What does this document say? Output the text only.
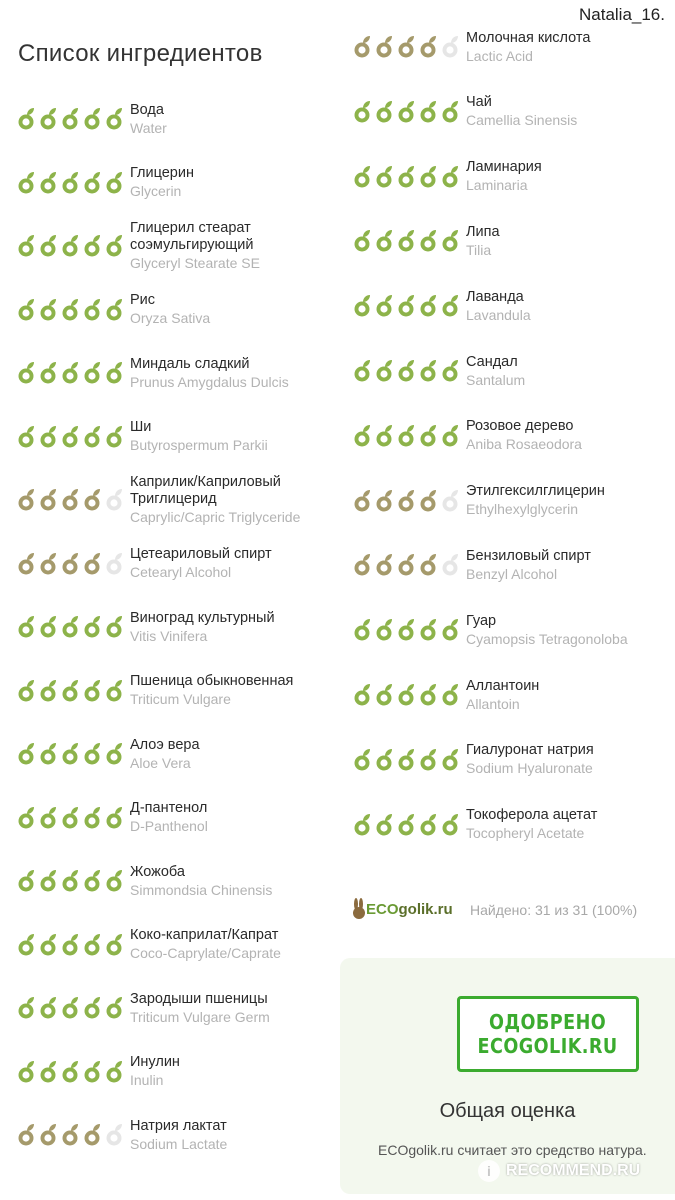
Natalia_16.
Список ингредиентов
Вода
Water
Глицерин
Glycerin
Глицерил стеарат соэмульгирующий
Glyceryl Stearate SE
Рис
Oryza Sativa
Миндаль сладкий
Prunus Amygdalus Dulcis
Ши
Butyrospermum Parkii
Каприлик/Каприловый Триглицерид
Caprylic/Capric Triglyceride
Цетеариловый спирт
Cetearyl Alcohol
Виноград культурный
Vitis Vinifera
Пшеница обыкновенная
Triticum Vulgare
Алоэ вера
Aloe Vera
Д-пантенол
D-Panthenol
Жожоба
Simmondsia Chinensis
Коко-каприлат/Капрат
Coco-Caprylate/Caprate
Зародыши пшеницы
Triticum Vulgare Germ
Инулин
Inulin
Натрия лактат
Sodium Lactate
Молочная кислота
Lactic Acid
Чай
Camellia Sinensis
Ламинария
Laminaria
Липа
Tilia
Лаванда
Lavandula
Сандал
Santalum
Розовое дерево
Aniba Rosaeodora
Этилгексилглицерин
Ethylhexylglycerin
Бензиловый спирт
Benzyl Alcohol
Гуар
Cyamopsis Tetragonoloba
Аллантоин
Allantoin
Гиалуронат натрия
Sodium Hyaluronate
Токоферола ацетат
Tocopheryl Acetate
ECO golik.ru Найдено: 31 из 31 (100%)
ОДОБРЕНО
ECOGOLIK.RU
Общая оценка
ECOgolik.ru считает это средство натура.
i RECOMMEND.RU
